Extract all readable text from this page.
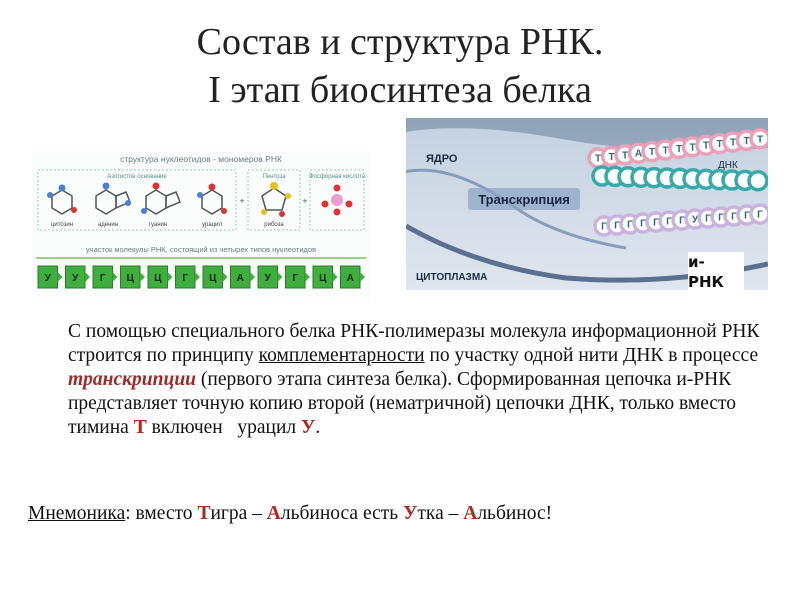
Состав и структура РНК.
I этап биосинтеза белка
структура нуклеотидов - мономеров РНК
Азотистое основание	Пентоза	Фосфорная кислота
+	+
цитозин	аденин	гуанин	урацил	рибоза
участок молекулы РНК, состоящий из четырех типов нуклеотидов
У У Г Ц Ц Г Ц А У Г Ц А
ЯДРО
Транскрипция
ДНК
ЦИТОПЛАЗМА
Т Т Т А Т Т Т Т Т Т Т Т Т
Ц Ц А Ц А Ц А Ц А Ц А Ц А
Г Г Г Г Г Г Г У Г Г Г Г Г
и-
РНК

С помощью специального белка РНК-полимеразы молекула информационной РНК строится по принципу комплементарности по участку одной нити ДНК в процессе транскрипции (первого этапа синтеза белка). Сформированная цепочка и-РНК представляет точную копию второй (нематричной) цепочки ДНК, только вместо тимина Т включен   урацил У.

Мнемоника: вместо Тигра – Альбиноса есть Утка – Альбинос!
